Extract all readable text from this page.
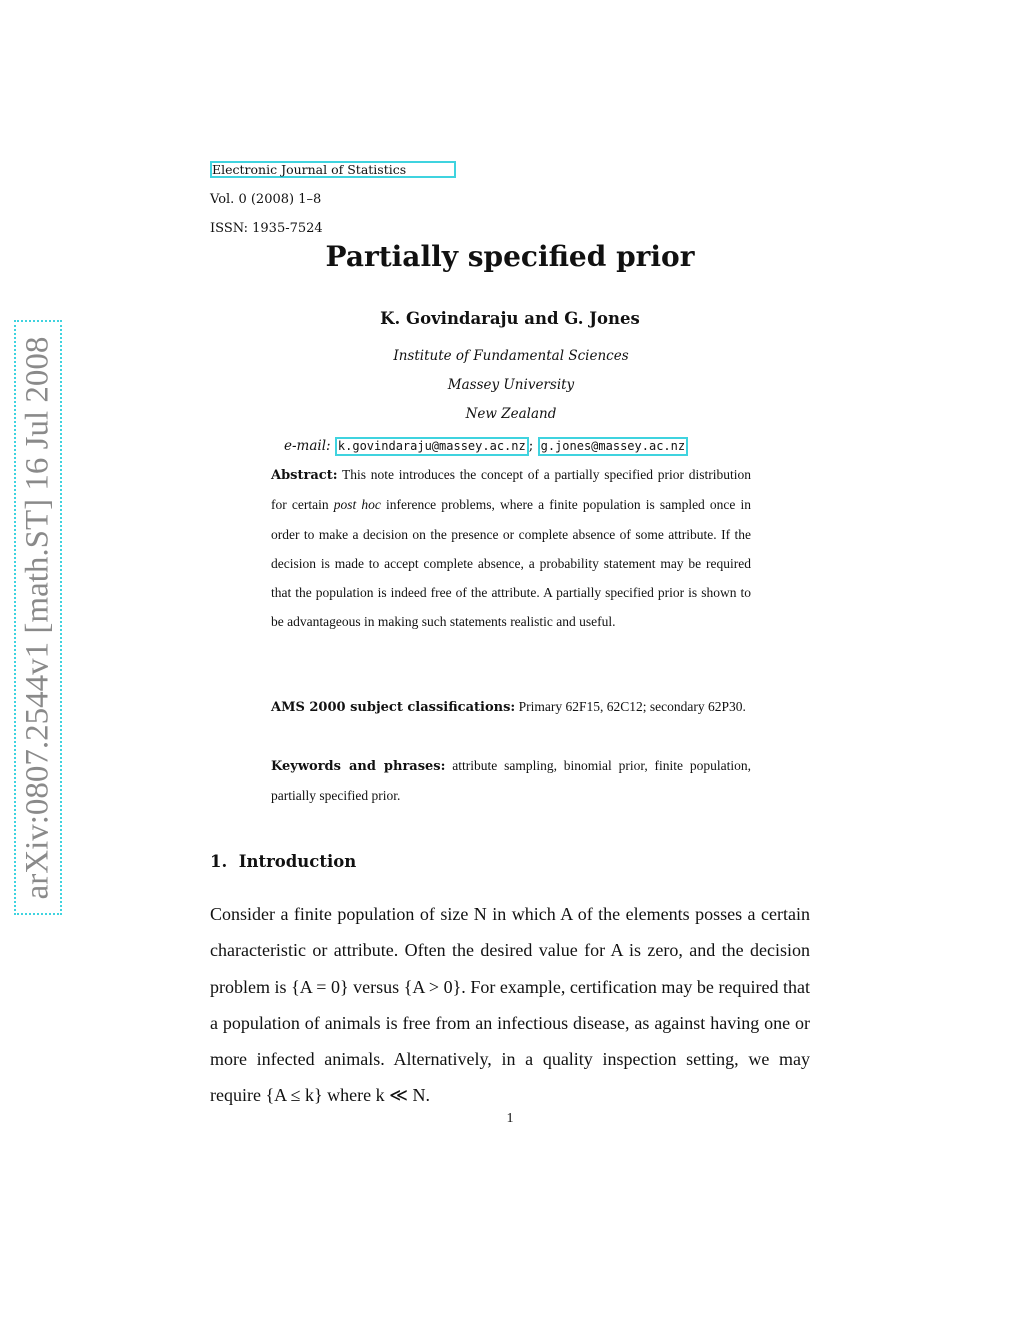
arXiv:0807.2544v1 [math.ST] 16 Jul 2008
Electronic Journal of Statistics
Vol. 0 (2008) 1–8
ISSN: 1935-7524
Partially specified prior
K. Govindaraju and G. Jones
Institute of Fundamental Sciences
Massey University
New Zealand
e-mail: k.govindaraju@massey.ac.nz ; g.jones@massey.ac.nz
Abstract: This note introduces the concept of a partially specified prior distribution for certain post hoc inference problems, where a finite population is sampled once in order to make a decision on the presence or complete absence of some attribute. If the decision is made to accept complete absence, a probability statement may be required that the population is indeed free of the attribute. A partially specified prior is shown to be advantageous in making such statements realistic and useful.
AMS 2000 subject classifications: Primary 62F15, 62C12; secondary 62P30.
Keywords and phrases: attribute sampling, binomial prior, finite population, partially specified prior.
1. Introduction
Consider a finite population of size N in which A of the elements posses a certain characteristic or attribute. Often the desired value for A is zero, and the decision problem is {A = 0} versus {A > 0}. For example, certification may be required that a population of animals is free from an infectious disease, as against having one or more infected animals. Alternatively, in a quality inspection setting, we may require {A ≤ k} where k ≪ N.
1
